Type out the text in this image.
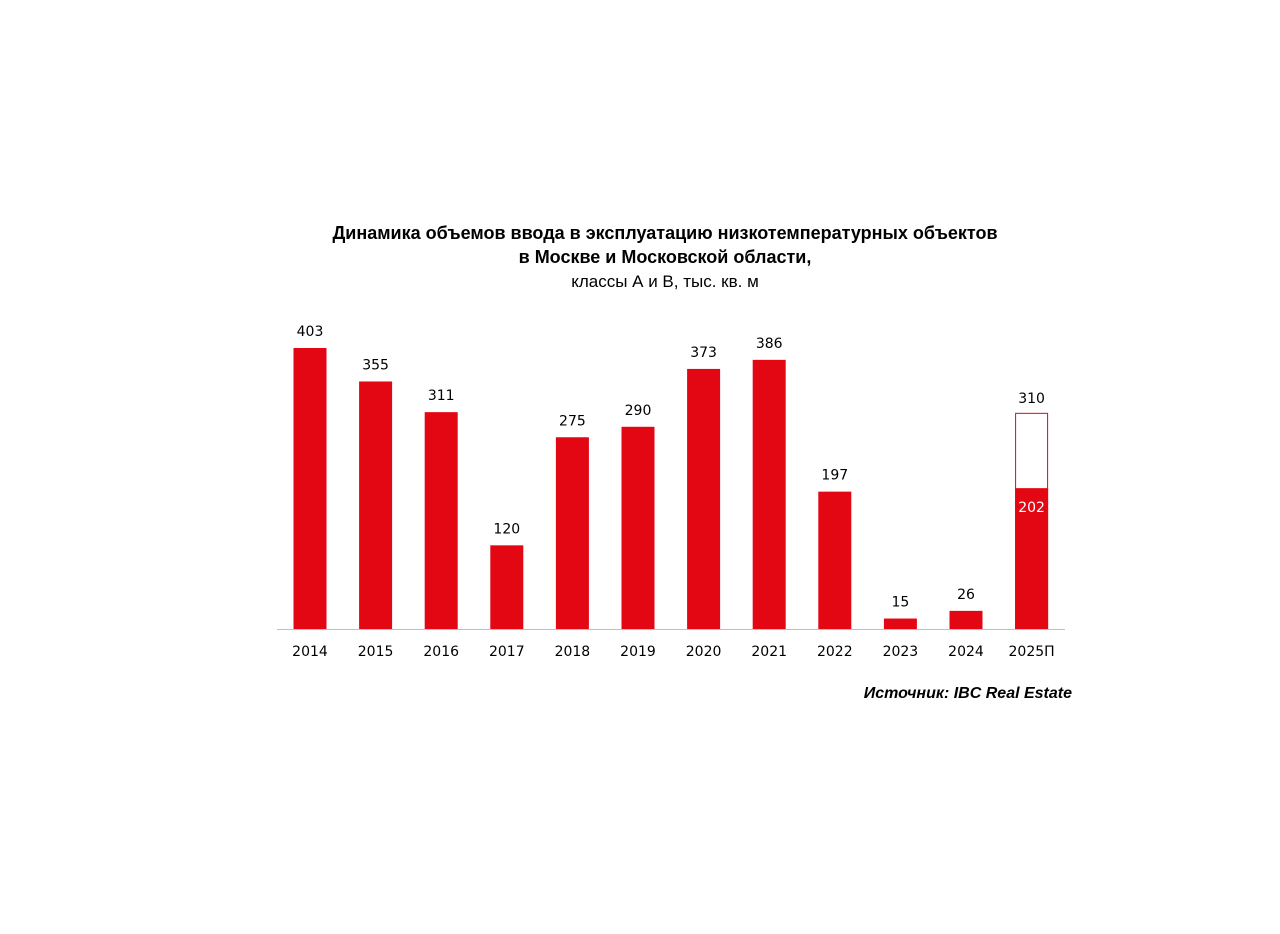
Динамика объемов ввода в эксплуатацию низкотемпературных объектов
в Москве и Московской области,
классы А и В, тыс. кв. м
403
2014
355
2015
311
2016
120
2017
275
2018
290
2019
373
2020
386
2021
197
2022
15
2023
26
2024
310
202
2025П
Источник: IBC Real Estate
